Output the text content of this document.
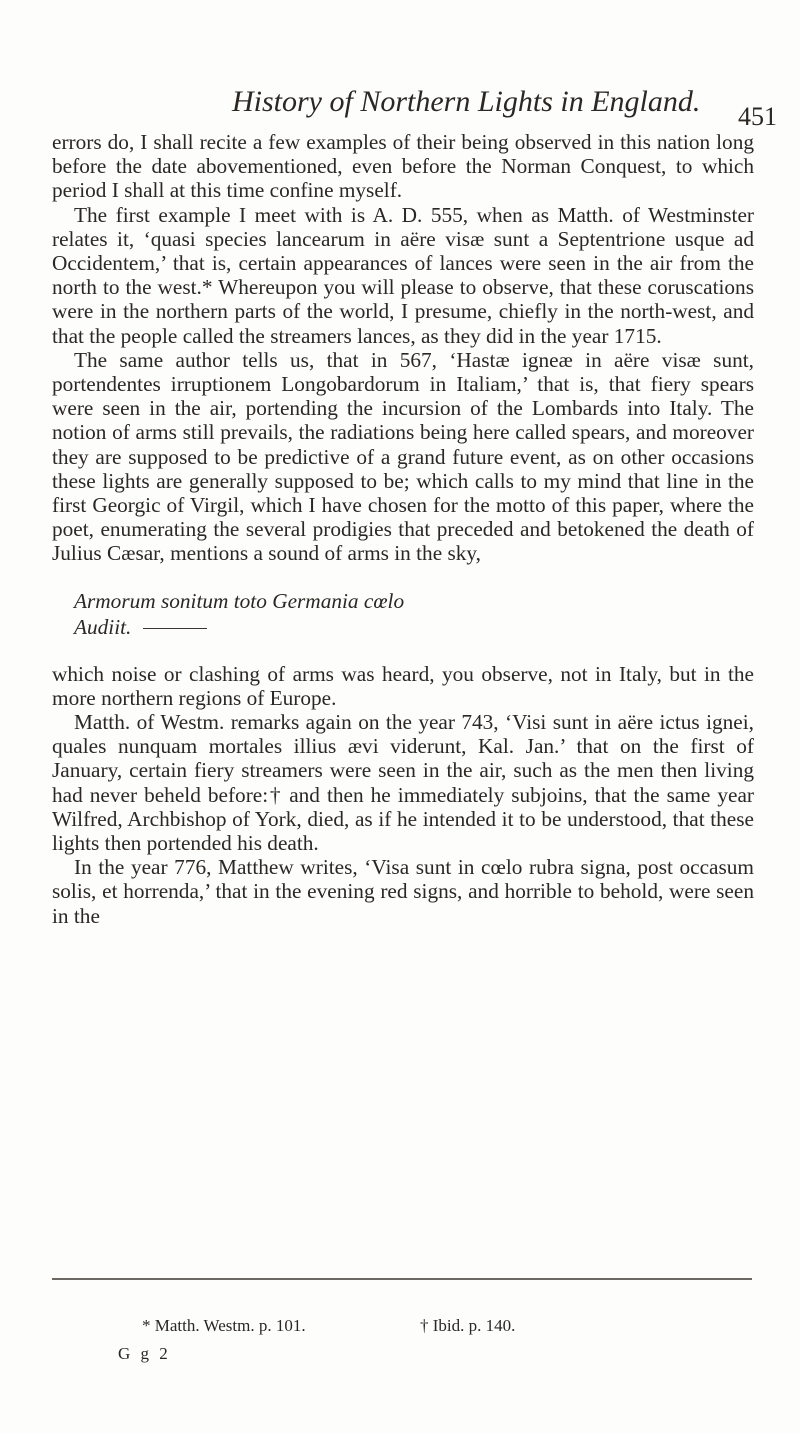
History of Northern Lights in England. 451

errors do, I shall recite a few examples of their being observed in this nation long before the date abovementioned, even before the Norman Conquest, to which period I shall at this time confine myself.

The first example I meet with is A. D. 555, when as Matth. of Westminster relates it, ‘quasi species lancearum in aëre visæ sunt a Septentrione usque ad Occidentem,’ that is, certain appearances of lances were seen in the air from the north to the west.* Whereupon you will please to observe, that these coruscations were in the northern parts of the world, I presume, chiefly in the north-west, and that the people called the streamers lances, as they did in the year 1715.

The same author tells us, that in 567, ‘Hastæ igneæ in aëre visæ sunt, portendentes irruptionem Longobardorum in Italiam,’ that is, that fiery spears were seen in the air, portending the incursion of the Lombards into Italy. The notion of arms still prevails, the radiations being here called spears, and moreover they are supposed to be predictive of a grand future event, as on other occasions these lights are generally supposed to be; which calls to my mind that line in the first Georgic of Virgil, which I have chosen for the motto of this paper, where the poet, enumerating the several prodigies that preceded and betokened the death of Julius Cæsar, mentions a sound of arms in the sky,

Armorum sonitum toto Germania cœlo
Audiit.

which noise or clashing of arms was heard, you observe, not in Italy, but in the more northern regions of Europe.

Matth. of Westm. remarks again on the year 743, ‘Visi sunt in aëre ictus ignei, quales nunquam mortales illius ævi viderunt, Kal. Jan.’ that on the first of January, certain fiery streamers were seen in the air, such as the men then living had never beheld before:† and then he immediately subjoins, that the same year Wilfred, Archbishop of York, died, as if he intended it to be understood, that these lights then portended his death.

In the year 776, Matthew writes, ‘Visa sunt in cœlo rubra signa, post occasum solis, et horrenda,’ that in the evening red signs, and horrible to behold, were seen in the

* Matth. Westm. p. 101.	† Ibid. p. 140.
G g 2
